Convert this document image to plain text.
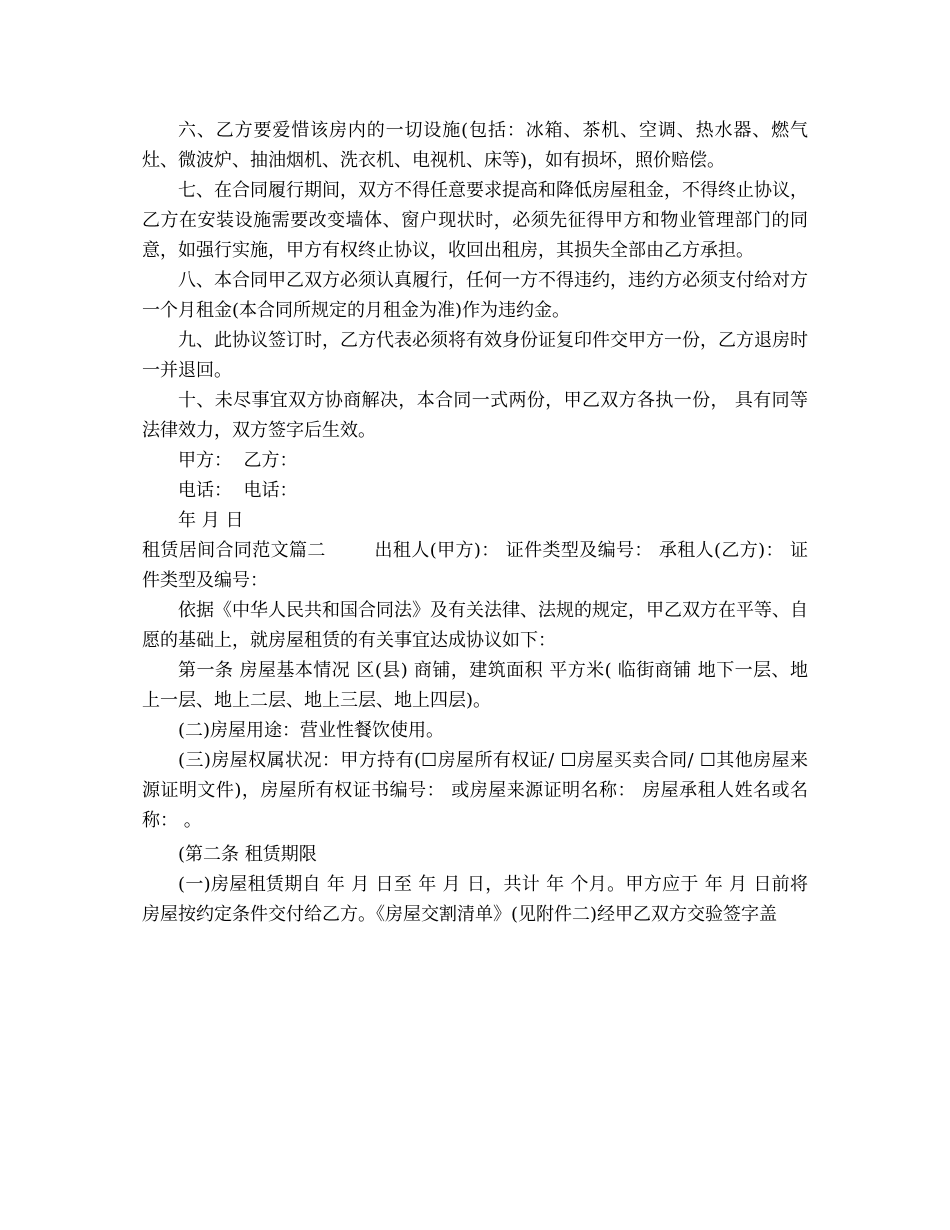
六、乙方要爱惜该房内的一切设施(包括：冰箱、茶机、空调、热水器、燃气灶、微波炉、抽油烟机、洗衣机、电视机、床等)，如有损坏，照价赔偿。

七、在合同履行期间，双方不得任意要求提高和降低房屋租金，不得终止协议，乙方在安装设施需要改变墙体、窗户现状时，必须先征得甲方和物业管理部门的同意，如强行实施，甲方有权终止协议，收回出租房，其损失全部由乙方承担。

八、本合同甲乙双方必须认真履行，任何一方不得违约，违约方必须支付给对方一个月租金(本合同所规定的月租金为准)作为违约金。

九、此协议签订时，乙方代表必须将有效身份证复印件交甲方一份，乙方退房时一并退回。

十、未尽事宜双方协商解决，本合同一式两份，甲乙双方各执一份， 具有同等法律效力，双方签字后生效。

甲方：  乙方：

电话：  电话：

年 月 日

租赁居间合同范文篇二        出租人(甲方)： 证件类型及编号： 承租人(乙方)： 证件类型及编号：

依据《中华人民共和国合同法》及有关法律、法规的规定，甲乙双方在平等、自愿的基础上，就房屋租赁的有关事宜达成协议如下：

第一条 房屋基本情况 区(县) 商铺，建筑面积 平方米( 临街商铺 地下一层、地上一层、地上二层、地上三层、地上四层)。

(二)房屋用途：营业性餐饮使用。

(三)房屋权属状况：甲方持有(☐房屋所有权证/ ☐房屋买卖合同/ ☐其他房屋来源证明文件)，房屋所有权证书编号： 或房屋来源证明名称： 房屋承租人姓名或名称： 。

(第二条 租赁期限

(一)房屋租赁期自 年 月 日至 年 月 日，共计 年 个月。甲方应于 年 月 日前将房屋按约定条件交付给乙方。《房屋交割清单》(见附件二)经甲乙双方交验签字盖
